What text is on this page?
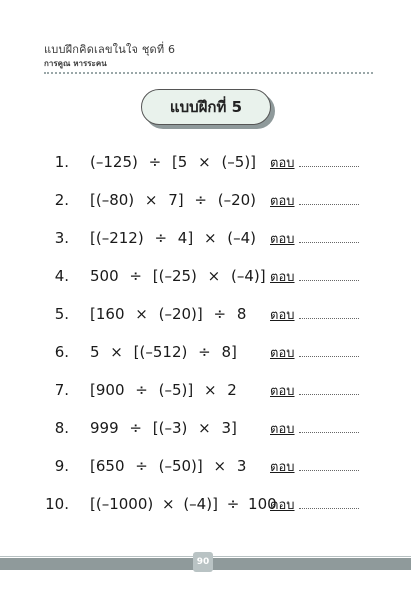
แบบฝึกคิดเลขในใจ ชุดที่ 6
การคูณ หารระคน
แบบฝึกที่ 5
1. (–125) ÷ [5 × (–5)] ตอบ
2. [(–80) × 7] ÷ (–20) ตอบ
3. [(–212) ÷ 4] × (–4) ตอบ
4. 500 ÷ [(–25) × (–4)] ตอบ
5. [160 × (–20)] ÷ 8 ตอบ
6. 5 × [(–512) ÷ 8]	ตอบ
7. [900 ÷ (–5)] × 2	ตอบ
8. 999 ÷ [(–3) × 3]	ตอบ
9. [650 ÷ (–50)] × 3 ตอบ
10. [(–1000) × (–4)] ÷ 100
ตอบ
90
